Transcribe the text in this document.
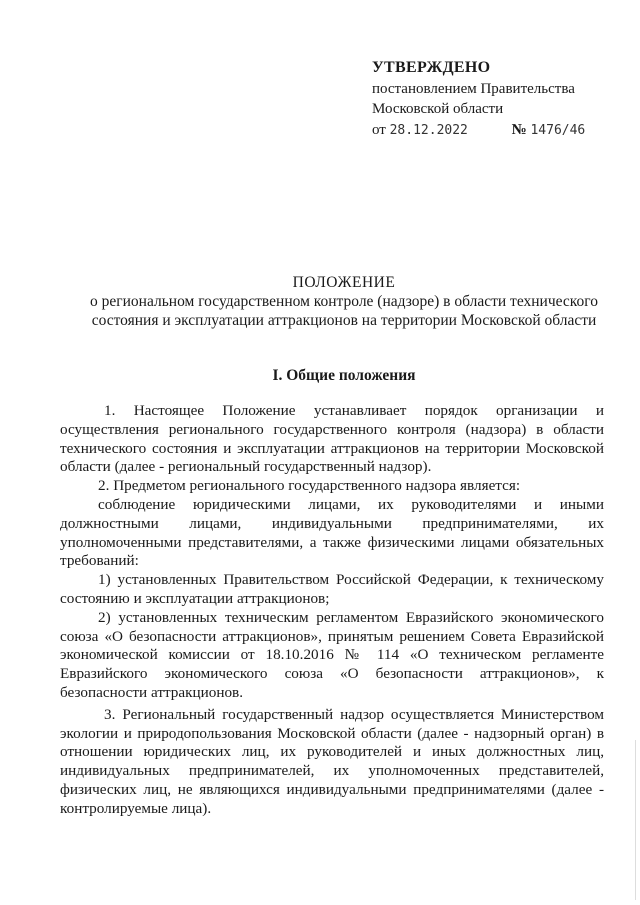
УТВЕРЖДЕНО
постановлением Правительства
Московской области
от 28.12.2022	№ 1476/46
ПОЛОЖЕНИЕ
о региональном государственном контроле (надзоре) в области технического
состояния и эксплуатации аттракционов на территории Московской области
I. Общие положения

1. Настоящее Положение устанавливает порядок организации и осуществления регионального государственного контроля (надзора) в области технического состояния и эксплуатации аттракционов на территории Московской области (далее - региональный государственный надзор).

2. Предметом регионального государственного надзора является:

соблюдение юридическими лицами, их руководителями и иными должностными лицами, индивидуальными предпринимателями, их уполномоченными представителями, а также физическими лицами обязательных требований:

1) установленных Правительством Российской Федерации, к техническому состоянию и эксплуатации аттракционов;

2) установленных техническим регламентом Евразийского экономического союза «О безопасности аттракционов», принятым решением Совета Евразийской экономической комиссии от 18.10.2016 № 114 «О техническом регламенте Евразийского экономического союза «О безопасности аттракционов», к безопасности аттракционов.

3. Региональный государственный надзор осуществляется Министерством экологии и природопользования Московской области (далее - надзорный орган) в отношении юридических лиц, их руководителей и иных должностных лиц, индивидуальных предпринимателей, их уполномоченных представителей, физических лиц, не являющихся индивидуальными предпринимателями (далее - контролируемые лица).
